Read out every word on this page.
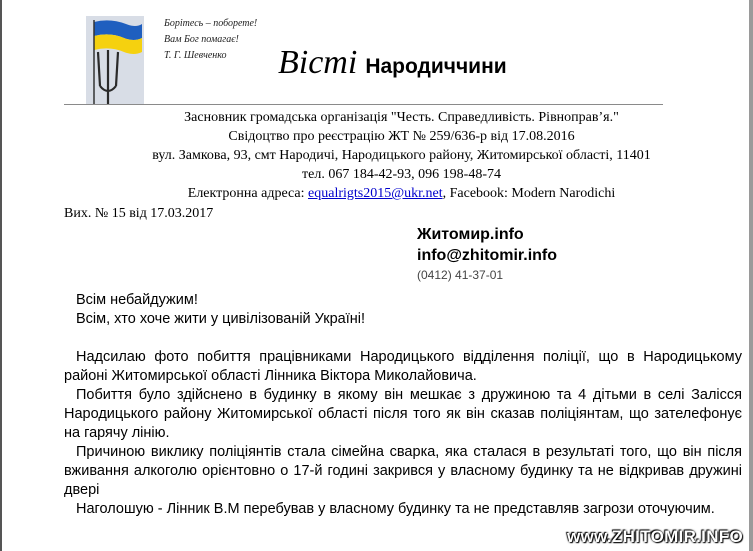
Борітесь – поборете!
Вам Бог помагає!
Т. Г. Шевченко	Вісті Народиччини
Засновник громадська організація "Честь. Справедливість. Рівноправ’я."
Свідоцтво про реєстрацію ЖТ № 259/636-р від 17.08.2016
вул. Замкова, 93, смт Народичі, Народицького району, Житомирської області, 11401
тел. 067 184-42-93, 096 198-48-74
Електронна адреса: equalrigts2015@ukr.net, Facebook: Modern Narodichi
Вих. № 15 від 17.03.2017
Житомир.info
info@zhitomir.info
(0412) 41-37-01

Всім небайдужим!

Всім, хто хоче жити у цивілізованій Україні!

Надсилаю фото побиття працівниками Народицького відділення поліції, що в Народицькому районі Житомирської області Лінника Віктора Миколайовича.

Побиття було здійснено в будинку в якому він мешкає з дружиною та 4 дітьми в селі Залісся Народицького району Житомирської області після того як він сказав поліціянтам, що зателефонує на гарячу лінію.

Причиною виклику поліціянтів стала сімейна сварка, яка сталася в результаті того, що він після вживання алкоголю орієнтовно о 17-й годині закрився у власному будинку та не відкривав дружині двері

Наголошую - Лінник В.М перебував у власному будинку та не представляв загрози оточуючим.

www.ZHITOMIR.INFO
